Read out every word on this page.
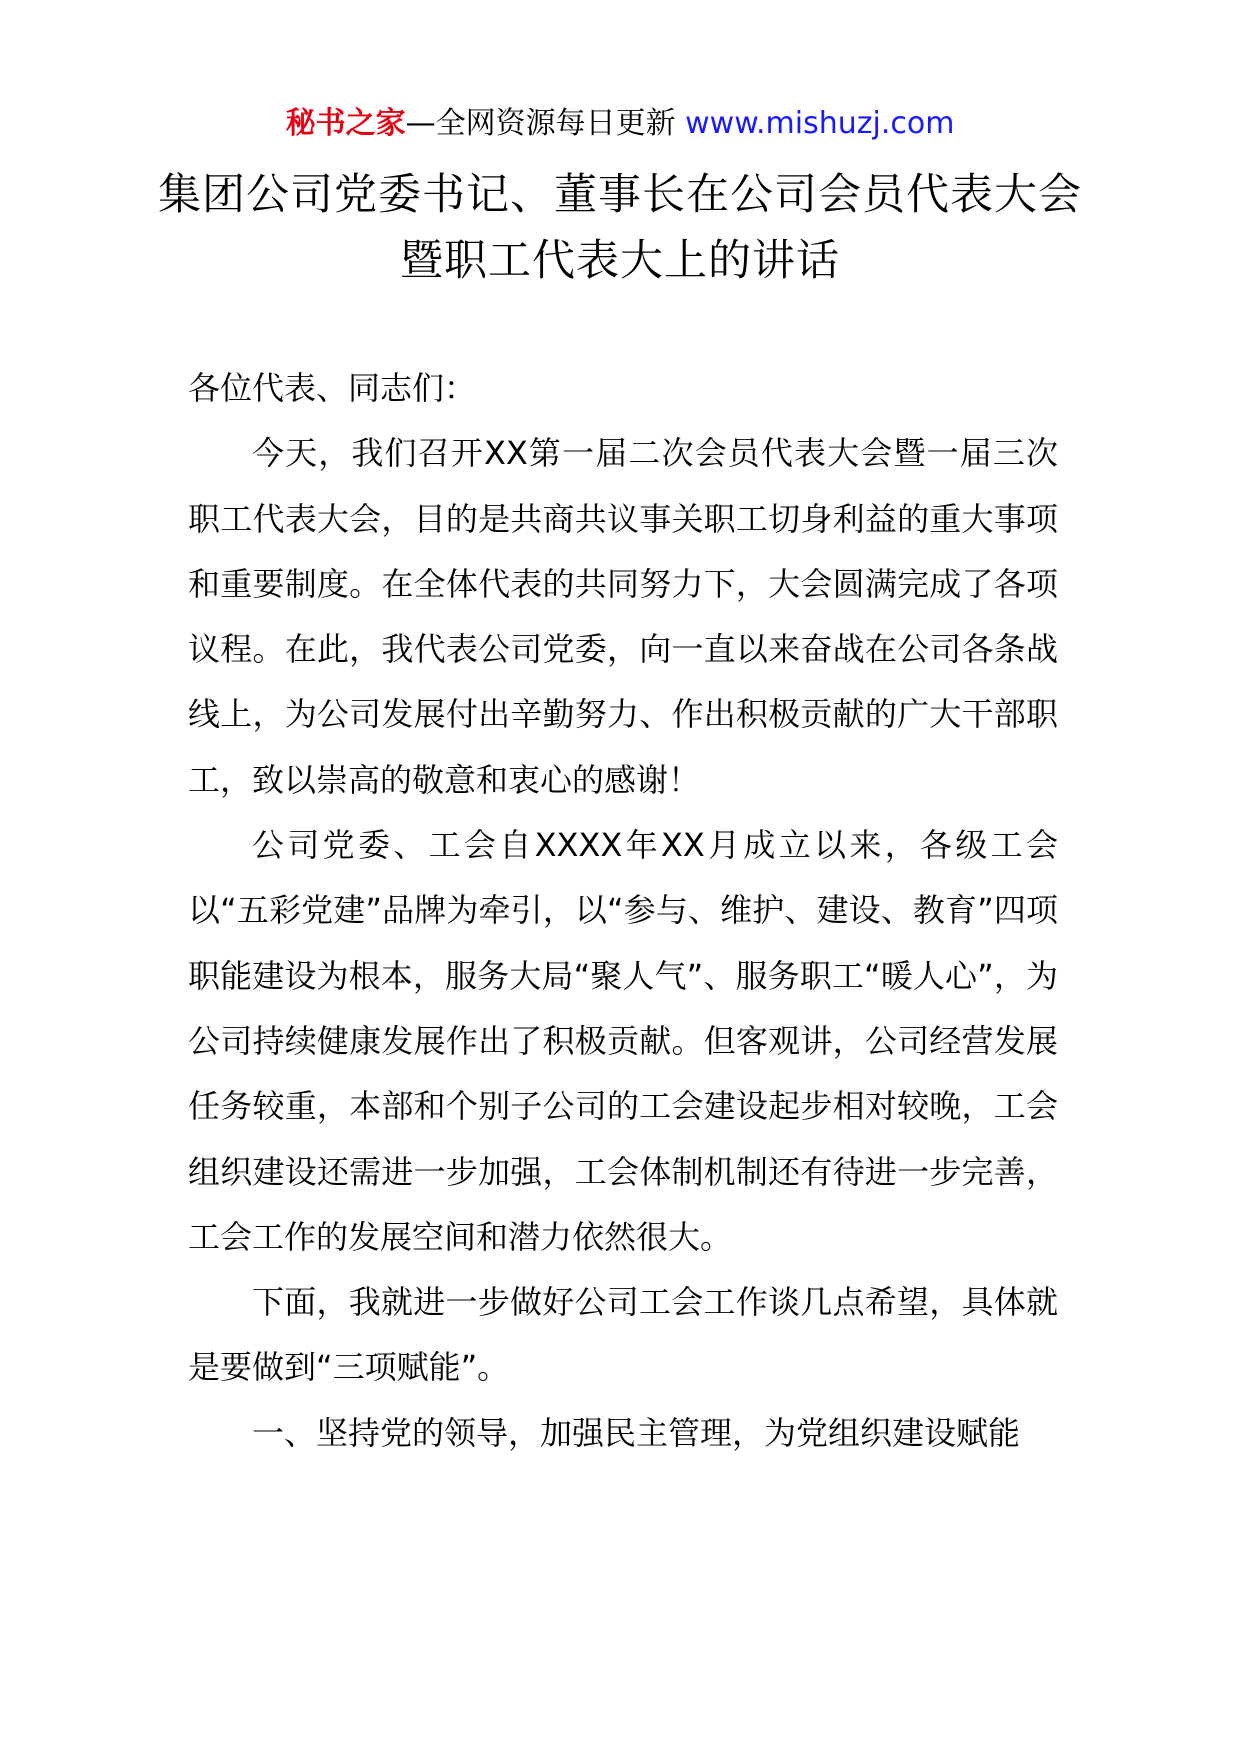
秘书之家—全网资源每日更新 www.mishuzj.com
集团公司党委书记、董事长在公司会员代表大会暨职工代表大上的讲话

各位代表、同志们：

今天，我们召开XX第一届二次会员代表大会暨一届三次职工代表大会，目的是共商共议事关职工切身利益的重大事项和重要制度。在全体代表的共同努力下，大会圆满完成了各项议程。在此，我代表公司党委，向一直以来奋战在公司各条战线上，为公司发展付出辛勤努力、作出积极贡献的广大干部职工，致以崇高的敬意和衷心的感谢！

公司党委、工会自XXXX年XX月成立以来，各级工会以“五彩党建”品牌为牵引，以“参与、维护、建设、教育”四项职能建设为根本，服务大局“聚人气”、服务职工“暖人心”，为公司持续健康发展作出了积极贡献。但客观讲，公司经营发展任务较重，本部和个别子公司的工会建设起步相对较晚，工会组织建设还需进一步加强，工会体制机制还有待进一步完善，工会工作的发展空间和潜力依然很大。

下面，我就进一步做好公司工会工作谈几点希望，具体就是要做到“三项赋能”。

一、坚持党的领导，加强民主管理，为党组织建设赋能
